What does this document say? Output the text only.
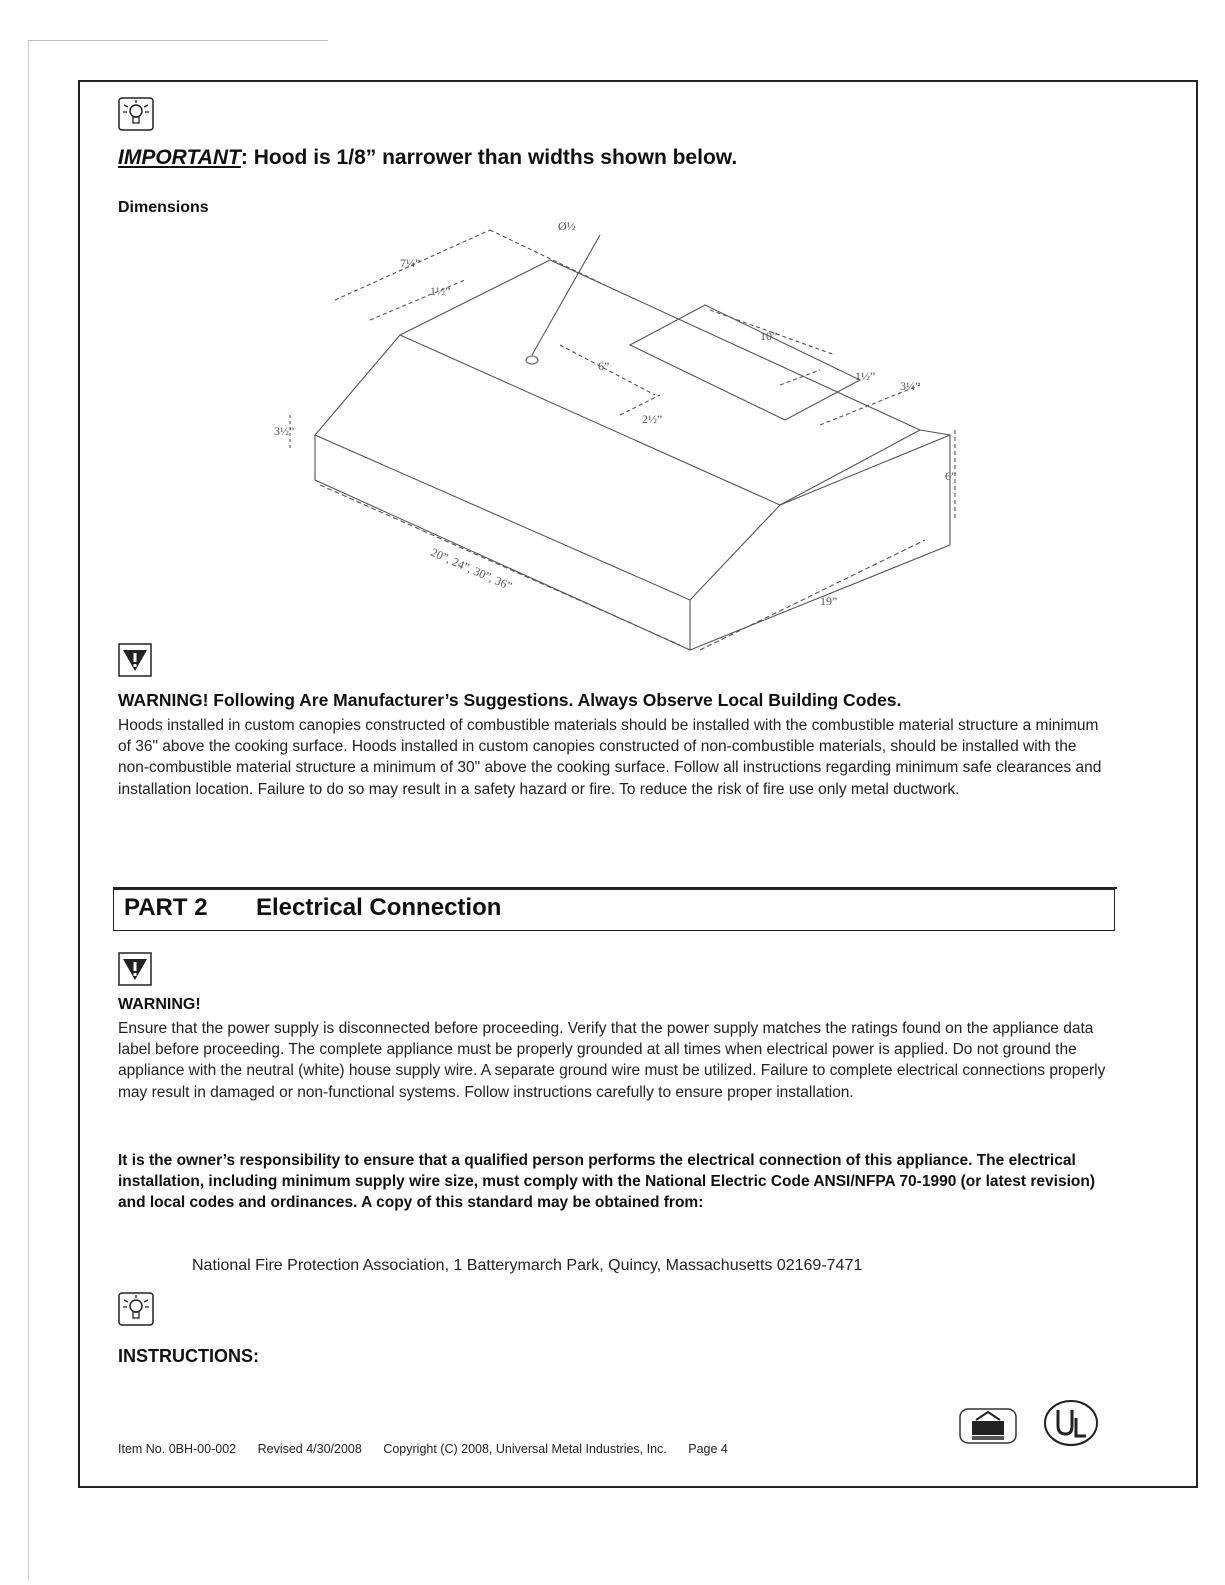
IMPORTANT: Hood is 1/8” narrower than widths shown below.
Dimensions
20”, 24”, 30”, 36”
19”
6”
3½”
Ø½
10”
3¼”
6”
2½”
7¼”
1½”
1½”
WARNING! Following Are Manufacturer’s Suggestions. Always Observe Local Building Codes.
Hoods installed in custom canopies constructed of combustible materials should be installed with the combustible material structure a minimum of 36" above the cooking surface. Hoods installed in custom canopies constructed of non-combustible materials, should be installed with the non-combustible material structure a minimum of 30" above the cooking surface. Follow all instructions regarding minimum safe clearances and installation location. Failure to do so may result in a safety hazard or fire. To reduce the risk of fire use only metal ductwork.
PART 2 Electrical Connection
WARNING!
Ensure that the power supply is disconnected before proceeding. Verify that the power supply matches the ratings found on the appliance data label before proceeding. The complete appliance must be properly grounded at all times when electrical power is applied. Do not ground the appliance with the neutral (white) house supply wire. A separate ground wire must be utilized. Failure to complete electrical connections properly may result in damaged or non-functional systems. Follow instructions carefully to ensure proper installation.
It is the owner’s responsibility to ensure that a qualified person performs the electrical connection of this appliance. The electrical installation, including minimum supply wire size, must comply with the National Electric Code ANSI/NFPA 70-1990 (or latest revision) and local codes and ordinances. A copy of this standard may be obtained from:
National Fire Protection Association, 1 Batterymarch Park, Quincy, Massachusetts 02169-7471
INSTRUCTIONS:
Item No. 0BH-00-002 Revised 4/30/2008 Copyright (C) 2008, Universal Metal Industries, Inc. Page 4
